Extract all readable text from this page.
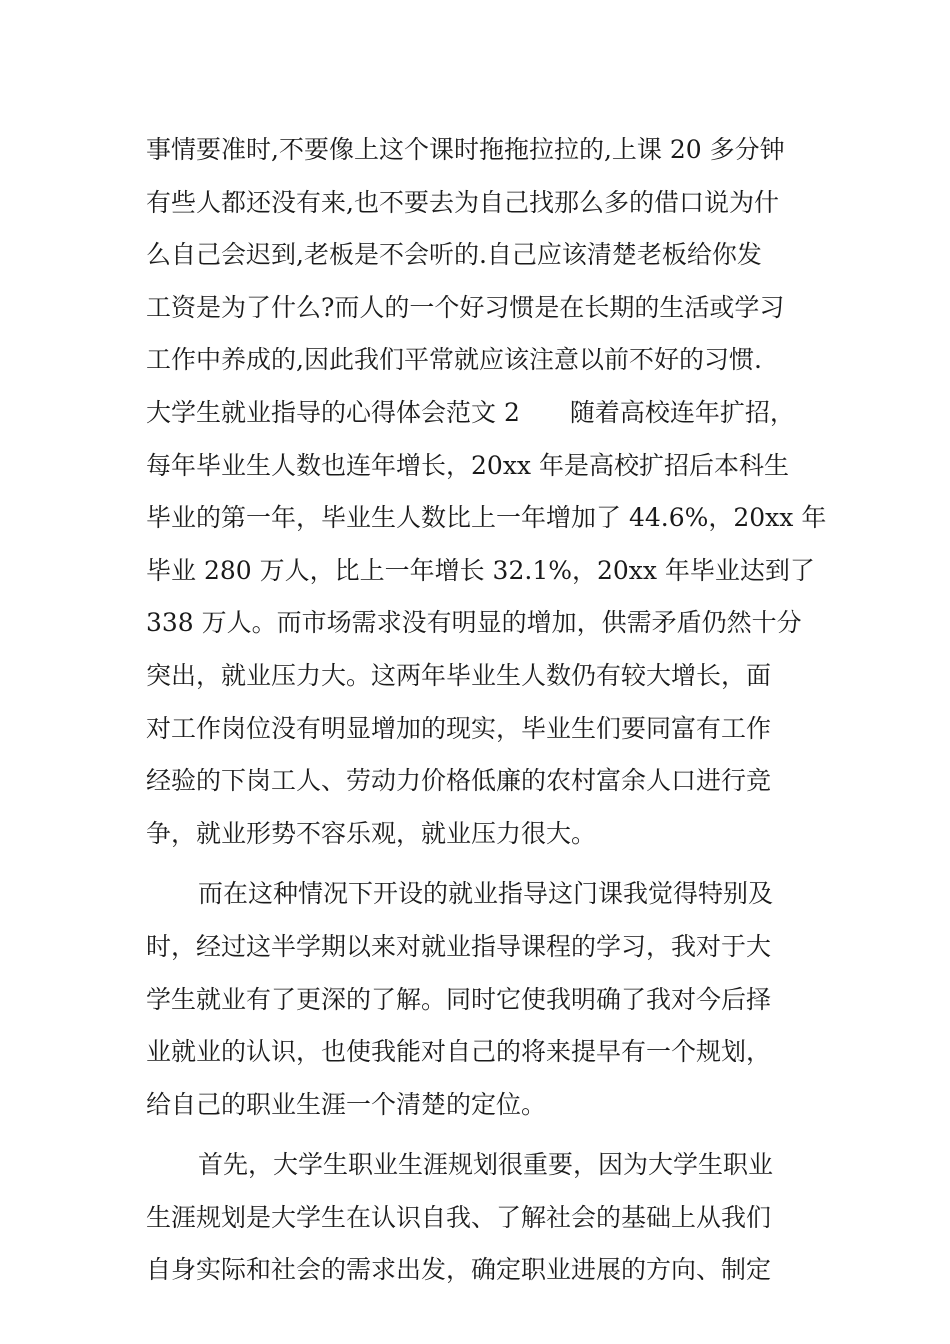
事情要准时,不要像上这个课时拖拖拉拉的,上课 20 多分钟
有些人都还没有来,也不要去为自己找那么多的借口说为什
么自己会迟到,老板是不会听的.自己应该清楚老板给你发
工资是为了什么?而人的一个好习惯是在长期的生活或学习
工作中养成的,因此我们平常就应该注意以前不好的习惯.
大学生就业指导的心得体会范文 2　　随着高校连年扩招，
每年毕业生人数也连年增长，20xx 年是高校扩招后本科生
毕业的第一年，毕业生人数比上一年增加了 44.6%，20xx 年
毕业 280 万人，比上一年增长 32.1%，20xx 年毕业达到了
338 万人。而市场需求没有明显的增加，供需矛盾仍然十分
突出，就业压力大。这两年毕业生人数仍有较大增长，面
对工作岗位没有明显增加的现实，毕业生们要同富有工作
经验的下岗工人、劳动力价格低廉的农村富余人口进行竞
争，就业形势不容乐观，就业压力很大。
而在这种情况下开设的就业指导这门课我觉得特别及
时，经过这半学期以来对就业指导课程的学习，我对于大
学生就业有了更深的了解。同时它使我明确了我对今后择
业就业的认识，也使我能对自己的将来提早有一个规划，
给自己的职业生涯一个清楚的定位。
首先，大学生职业生涯规划很重要，因为大学生职业
生涯规划是大学生在认识自我、了解社会的基础上从我们
自身实际和社会的需求出发，确定职业进展的方向、制定
